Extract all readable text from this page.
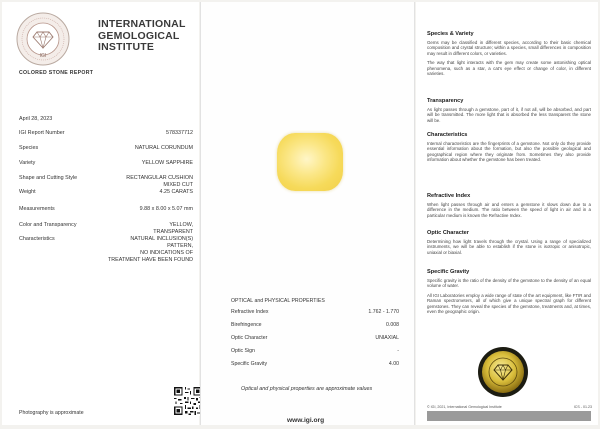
IGI
INTERNATIONAL
GEMOLOGICAL
INSTITUTE
COLORED STONE REPORT
April 28, 2023
IGI Report Number	578337712
Species	NATURAL CORUNDUM
Variety	YELLOW SAPPHIRE
Shape and Cutting Style	RECTANGULAR CUSHION
MIXED CUT
Weight	4.25 CARATS
Measurements	9.88 x 8.00 x 5.07 mm
Color and Transparency	YELLOW,
TRANSPARENT
Characteristics	NATURAL INCLUSION(S)
PATTERN,
NO INDICATIONS OF
TREATMENT HAVE BEEN FOUND
Photography is approximate
OPTICAL and PHYSICAL PROPERTIES
Refractive Index	1.762 - 1.770
Birefringence	0.008
Optic Character	UNIAXIAL
Optic Sign	-
Specific Gravity	4.00
Optical and physical properties are approximate values
www.igi.org
Species & Variety

Gems may be classified in different species, according to their basic chemical composition and crystal structure; within a species, small differences in composition may result in different colors, or varieties.

The way that light interacts with the gem may create some astonishing optical phenomena, such as a star, a cat's eye effect or change of color, in different varieties.

Transparency

As light passes through a gemstone, part of it, if not all, will be absorbed, and part will be transmitted. The more light that is absorbed the less transparent the stone will be.

Characteristics

Internal characteristics are the fingerprints of a gemstone. Not only do they provide essential information about the formation, but also the possible geological and geographical region where they originate from. Sometimes they also provide information about whether the gemstone has been treated.

Refractive Index

When light passes through air and enters a gemstone it slows down due to a difference in the medium. The ratio between the speed of light in air and in a particular medium is known the Refractive Index.

Optic Character

Determining how light travels through the crystal. Using a range of specialized instruments, we will be able to establish if the stone is isotropic or anisotropic, uniaxial or biaxial.

Specific Gravity

Specific gravity is the ratio of the density of the gemstone to the density of an equal volume of water.

All IGI Laboratories employ a wide range of state of the art equipment, like FTIR and Raman spectrometers, all of which give a unique spectral graph for different gemstones. They can reveal the species of the gemstone, treatments and, at times, even the geographic origin.

© IGI, 2021, International Gemological Institute	ICS - 01.23
